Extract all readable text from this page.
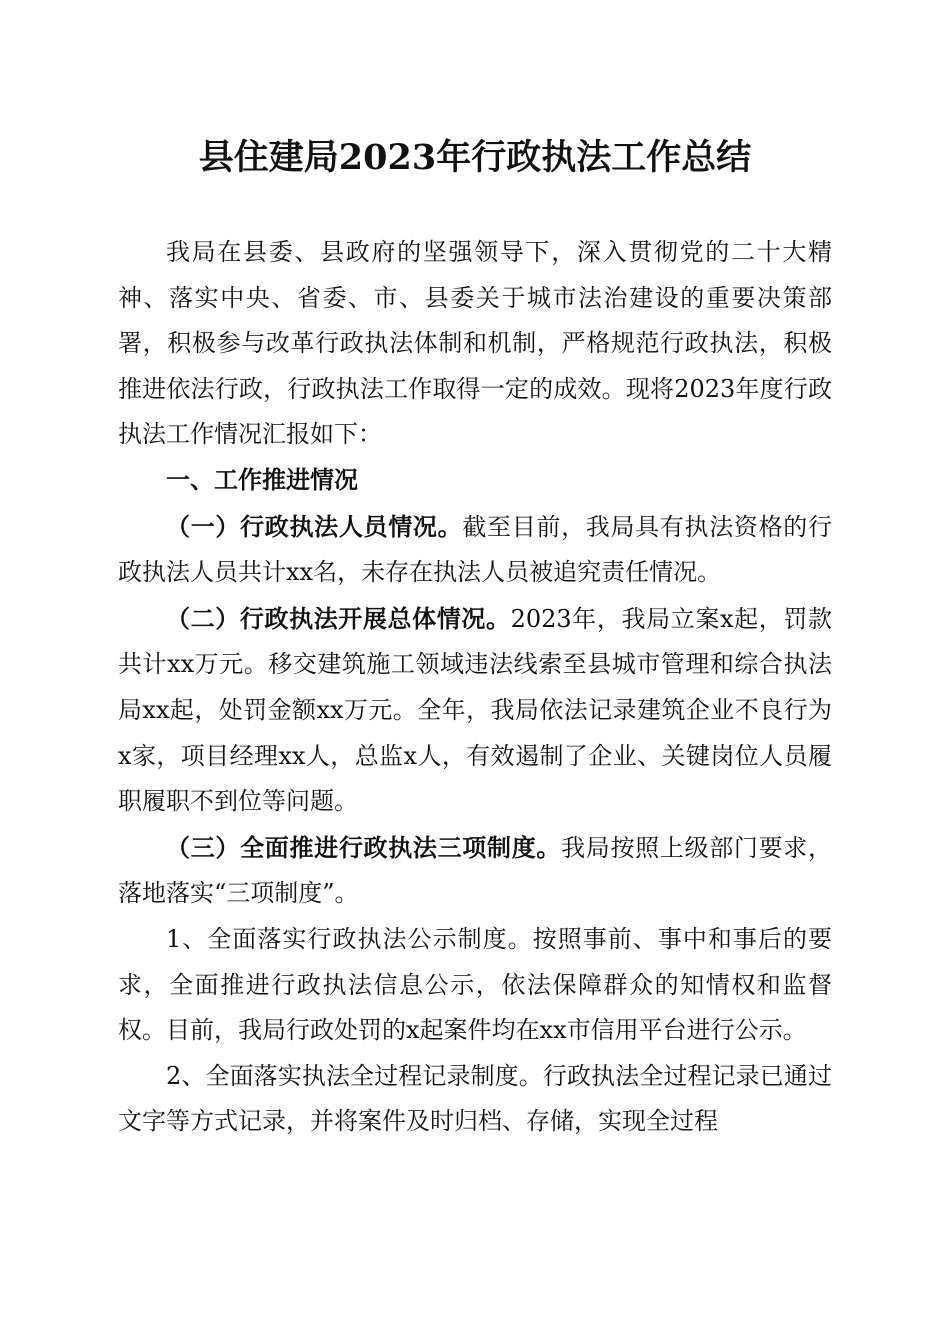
县住建局2023年行政执法工作总结

我局在县委、县政府的坚强领导下，深入贯彻党的二十大精神、落实中央、省委、市、县委关于城市法治建设的重要决策部署，积极参与改革行政执法体制和机制，严格规范行政执法，积极推进依法行政，行政执法工作取得一定的成效。现将2023年度行政执法工作情况汇报如下：

一、工作推进情况

（一）行政执法人员情况。截至目前，我局具有执法资格的行政执法人员共计xx名，未存在执法人员被追究责任情况。

（二）行政执法开展总体情况。2023年，我局立案x起，罚款共计xx万元。移交建筑施工领域违法线索至县城市管理和综合执法局xx起，处罚金额xx万元。全年，我局依法记录建筑企业不良行为x家，项目经理xx人，总监x人，有效遏制了企业、关键岗位人员履职履职不到位等问题。

（三）全面推进行政执法三项制度。我局按照上级部门要求，落地落实“三项制度”。

1、全面落实行政执法公示制度。按照事前、事中和事后的要求，全面推进行政执法信息公示，依法保障群众的知情权和监督权。目前，我局行政处罚的x起案件均在xx市信用平台进行公示。

2、全面落实执法全过程记录制度。行政执法全过程记录已通过文字等方式记录，并将案件及时归档、存储，实现全过程
